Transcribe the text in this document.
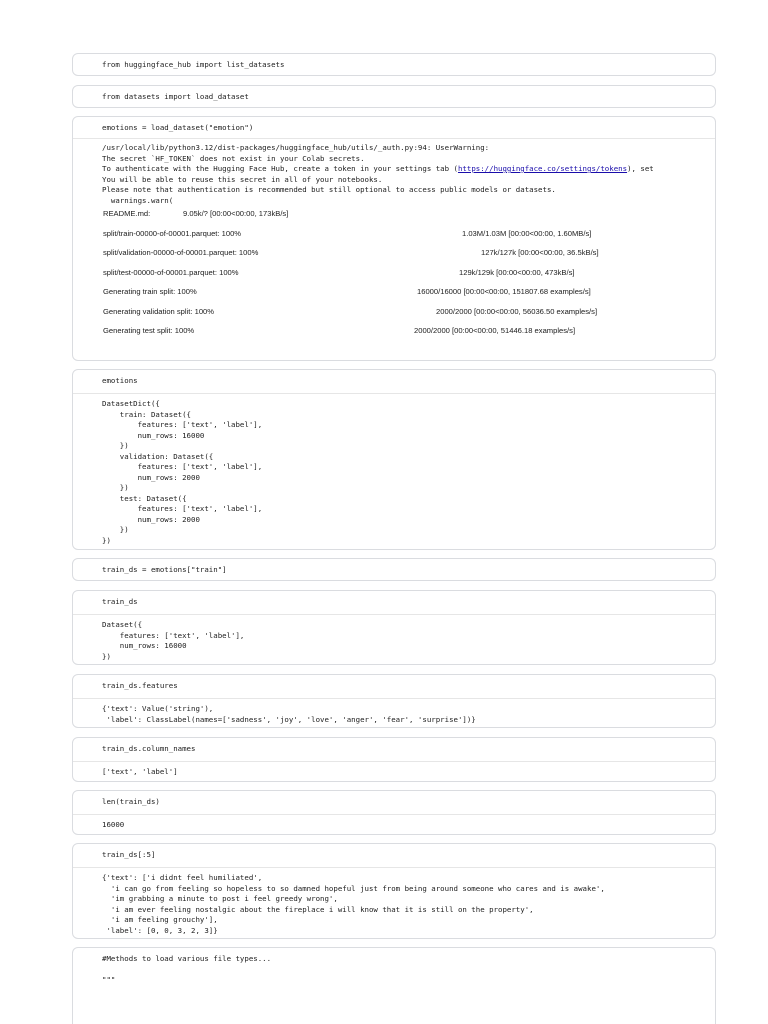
from huggingface_hub import list_datasets
from datasets import load_dataset
emotions = load_dataset("emotion")
/usr/local/lib/python3.12/dist-packages/huggingface_hub/utils/_auth.py:94: UserWarning:
The secret `HF_TOKEN` does not exist in your Colab secrets.
To authenticate with the Hugging Face Hub, create a token in your settings tab (https://huggingface.co/settings/tokens), set
You will be able to reuse this secret in all of your notebooks.
Please note that authentication is recommended but still optional to access public models or datasets.
warnings.warn(

README.md:

	9.05k/? [00:00<00:00, 173kB/s]

split/train-00000-of-00001.parquet: 100%

	1.03M/1.03M [00:00<00:00, 1.60MB/s]

split/validation-00000-of-00001.parquet: 100%

	127k/127k [00:00<00:00, 36.5kB/s]

split/test-00000-of-00001.parquet: 100%

	129k/129k [00:00<00:00, 473kB/s]

Generating train split: 100%

	16000/16000 [00:00<00:00, 151807.68 examples/s]

Generating validation split: 100%

	2000/2000 [00:00<00:00, 56036.50 examples/s]

Generating test split: 100%

	2000/2000 [00:00<00:00, 51446.18 examples/s]

emotions
DatasetDict({
train: Dataset({
features: ['text', 'label'],
num_rows: 16000
})
validation: Dataset({
features: ['text', 'label'],
num_rows: 2000
})
test: Dataset({
features: ['text', 'label'],
num_rows: 2000
})
})
train_ds = emotions["train"]
train_ds
Dataset({
features: ['text', 'label'],
num_rows: 16000
})
train_ds.features
{'text': Value('string'),
'label': ClassLabel(names=['sadness', 'joy', 'love', 'anger', 'fear', 'surprise'])}
train_ds.column_names
['text', 'label']
len(train_ds)
16000
train_ds[:5]
{'text': ['i didnt feel humiliated',
'i can go from feeling so hopeless to so damned hopeful just from being around someone who cares and is awake',
'im grabbing a minute to post i feel greedy wrong',
'i am ever feeling nostalgic about the fireplace i will know that it is still on the property',
'i am feeling grouchy'],
'label': [0, 0, 3, 2, 3]}
#Methods to load various file types...
"""
